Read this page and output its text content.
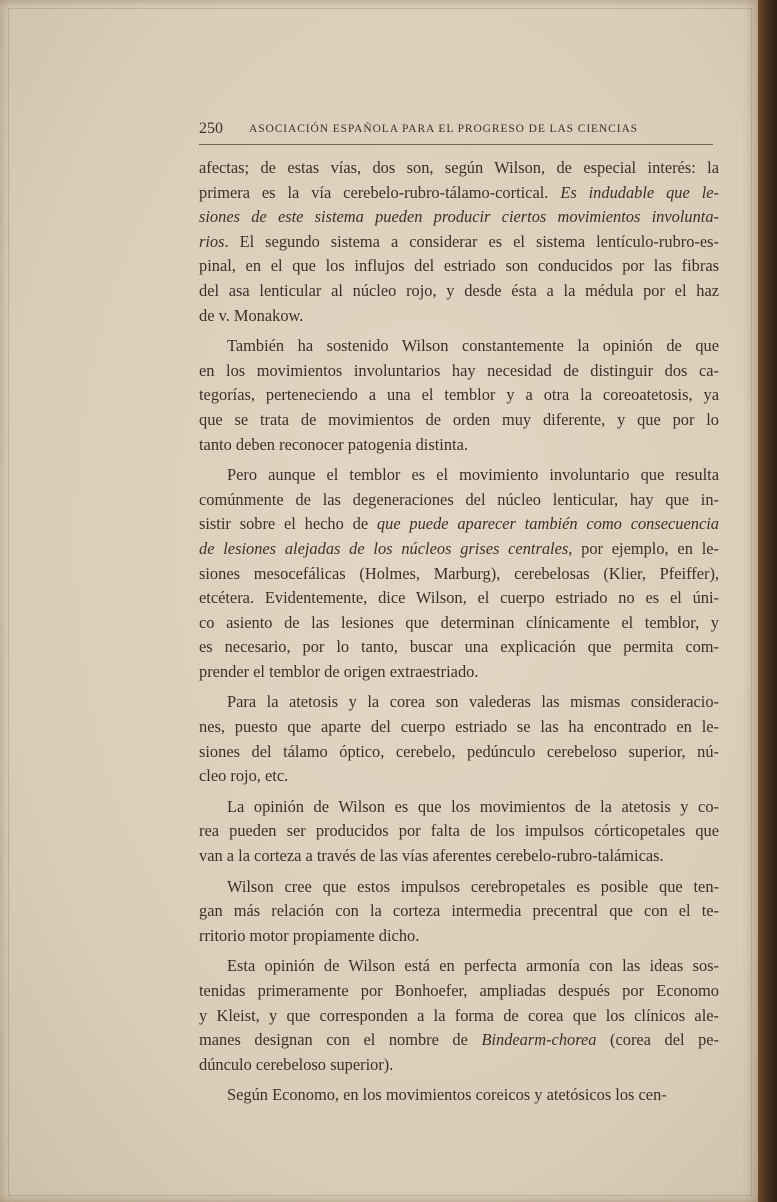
250 ASOCIACIÓN ESPAÑOLA PARA EL PROGRESO DE LAS CIENCIAS
afectas; de estas vías, dos son, según Wilson, de especial interés: la
primera es la vía cerebelo-rubro-tálamo-cortical. Es indudable que le-
siones de este sistema pueden producir ciertos movimientos involunta-
rios. El segundo sistema a considerar es el sistema lentículo-rubro-es-
pinal, en el que los influjos del estriado son conducidos por las fibras
del asa lenticular al núcleo rojo, y desde ésta a la médula por el haz
de v. Monakow.
También ha sostenido Wilson constantemente la opinión de que
en los movimientos involuntarios hay necesidad de distinguir dos ca-
tegorías, perteneciendo a una el temblor y a otra la coreoatetosis, ya
que se trata de movimientos de orden muy diferente, y que por lo
tanto deben reconocer patogenia distinta.
Pero aunque el temblor es el movimiento involuntario que resulta
comúnmente de las degeneraciones del núcleo lenticular, hay que in-
sistir sobre el hecho de que puede aparecer también como consecuencia
de lesiones alejadas de los núcleos grises centrales, por ejemplo, en le-
siones mesocefálicas (Holmes, Marburg), cerebelosas (Klier, Pfeiffer),
etcétera. Evidentemente, dice Wilson, el cuerpo estriado no es el úni-
co asiento de las lesiones que determinan clínicamente el temblor, y
es necesario, por lo tanto, buscar una explicación que permita com-
prender el temblor de origen extraestriado.
Para la atetosis y la corea son valederas las mismas consideracio-
nes, puesto que aparte del cuerpo estriado se las ha encontrado en le-
siones del tálamo óptico, cerebelo, pedúnculo cerebeloso superior, nú-
cleo rojo, etc.
La opinión de Wilson es que los movimientos de la atetosis y co-
rea pueden ser producidos por falta de los impulsos córticopetales que
van a la corteza a través de las vías aferentes cerebelo-rubro-talámicas.
Wilson cree que estos impulsos cerebropetales es posible que ten-
gan más relación con la corteza intermedia precentral que con el te-
rritorio motor propiamente dicho.
Esta opinión de Wilson está en perfecta armonía con las ideas sos-
tenidas primeramente por Bonhoefer, ampliadas después por Economo
y Kleist, y que corresponden a la forma de corea que los clínicos ale-
manes designan con el nombre de Bindearm-chorea (corea del pe-
dúnculo cerebeloso superior).
Según Economo, en los movimientos coreicos y atetósicos los cen-
